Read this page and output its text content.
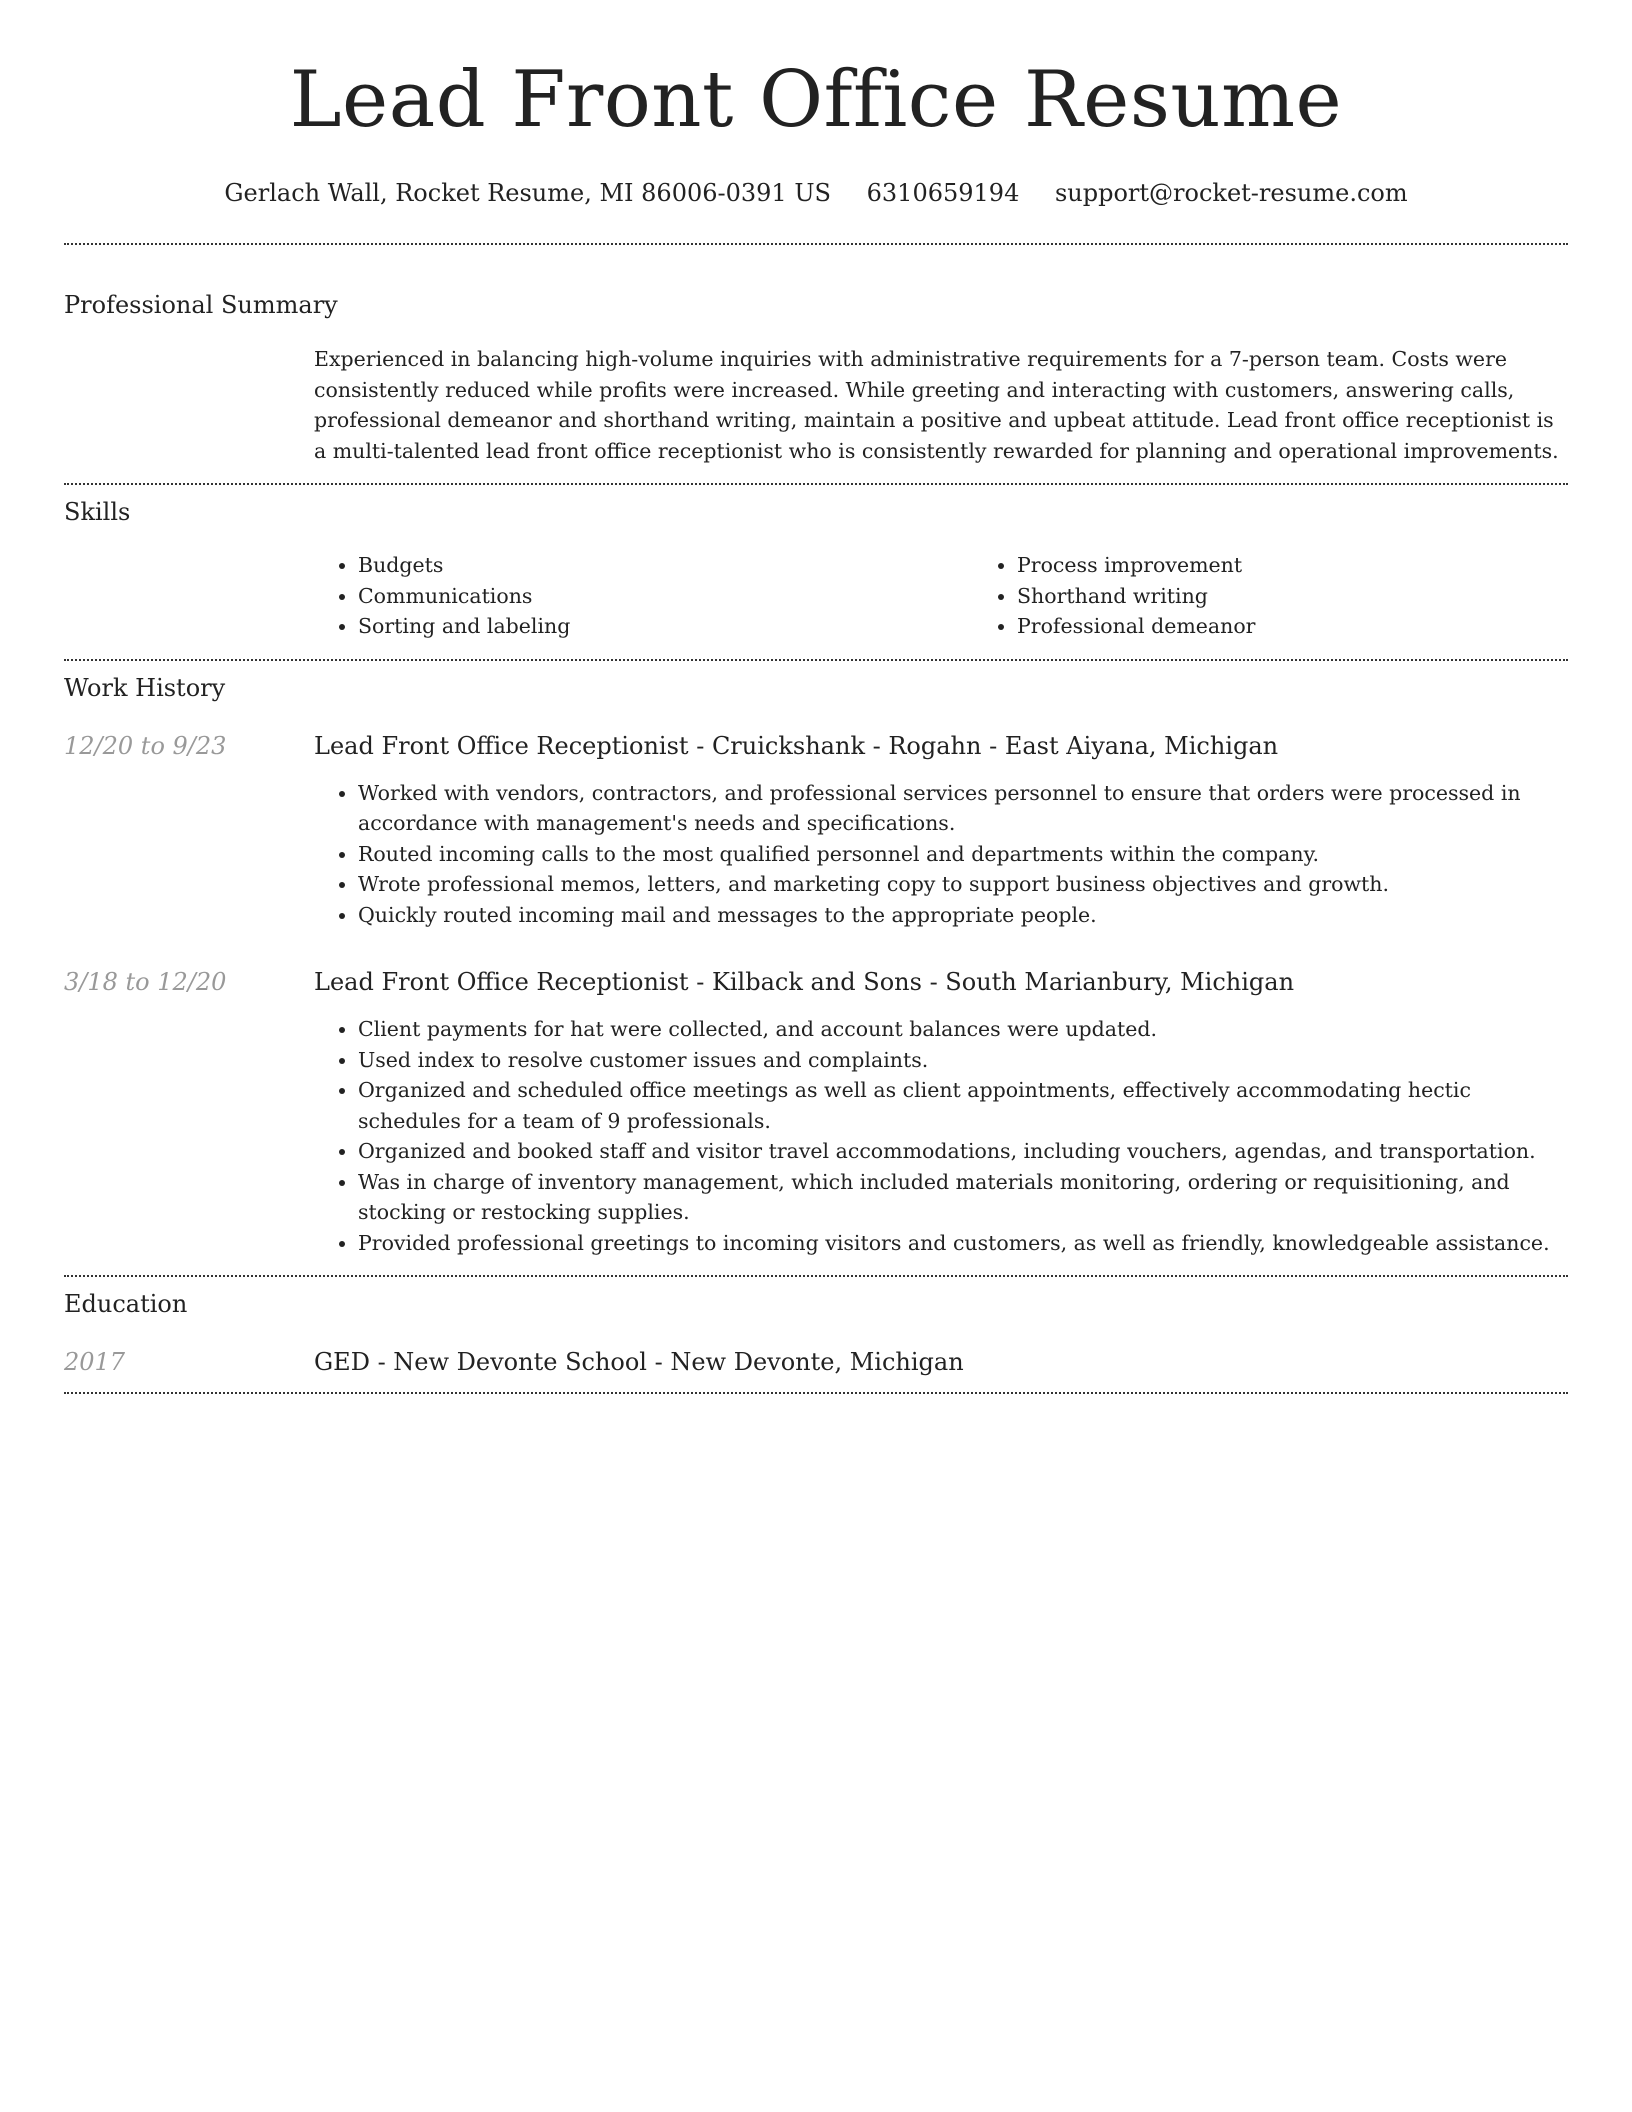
Lead Front Office Resume
Gerlach Wall, Rocket Resume, MI 86006-0391 US 6310659194 support@rocket-resume.com
Professional Summary

Experienced in balancing high-volume inquiries with administrative requirements for a 7-person team. Costs were consistently reduced while profits were increased. While greeting and interacting with customers, answering calls, professional demeanor and shorthand writing, maintain a positive and upbeat attitude. Lead front office receptionist is a multi-talented lead front office receptionist who is consistently rewarded for planning and operational improvements.

Skills
• Budgets
• Communications
• Sorting and labeling
• Process improvement
• Shorthand writing
• Professional demeanor
Work History
12/20 to 9/23	Lead Front Office Receptionist - Cruickshank - Rogahn - East Aiyana, Michigan
• Worked with vendors, contractors, and professional services personnel to ensure that orders were processed in accordance with management's needs and specifications.
• Routed incoming calls to the most qualified personnel and departments within the company.
• Wrote professional memos, letters, and marketing copy to support business objectives and growth.
• Quickly routed incoming mail and messages to the appropriate people.
3/18 to 12/20	Lead Front Office Receptionist - Kilback and Sons - South Marianbury, Michigan
• Client payments for hat were collected, and account balances were updated.
• Used index to resolve customer issues and complaints.
• Organized and scheduled office meetings as well as client appointments, effectively accommodating hectic schedules for a team of 9 professionals.
• Organized and booked staff and visitor travel accommodations, including vouchers, agendas, and transportation.
• Was in charge of inventory management, which included materials monitoring, ordering or requisitioning, and stocking or restocking supplies.
• Provided professional greetings to incoming visitors and customers, as well as friendly, knowledgeable assistance.
Education
2017	GED - New Devonte School - New Devonte, Michigan
